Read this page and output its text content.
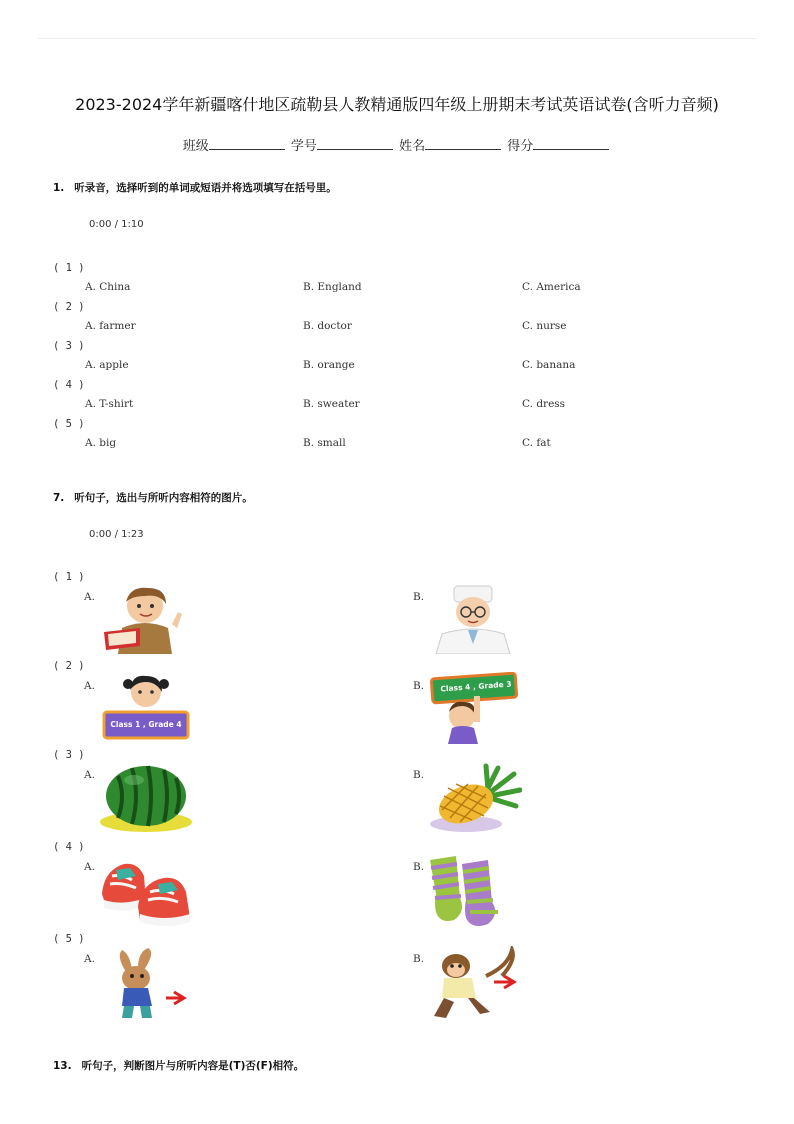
2023-2024学年新疆喀什地区疏勒县人教精通版四年级上册期末考试英语试卷(含听力音频)
班级	学号	姓名	得分
1. 听录音，选择听到的单词或短语并将选项填写在括号里。
0:00 / 1:10
( 1 )
A. China	B. England	C. America
( 2 )
A. farmer	B. doctor	C. nurse
( 3 )
A. apple	B. orange	C. banana
( 4 )
A. T-shirt	B. sweater	C. dress
( 5 )
A. big	B. small	C. fat
7. 听句子，选出与所听内容相符的图片。
0:00 / 1:23
( 1 )
A.	B.
( 2 )
A.	B.
Class 1 , Grade 4
Class 4 , Grade 3
( 3 )
A.	B.
( 4 )
A.	B.
( 5 )
A.	B.
13. 听句子，判断图片与所听内容是(T)否(F)相符。
